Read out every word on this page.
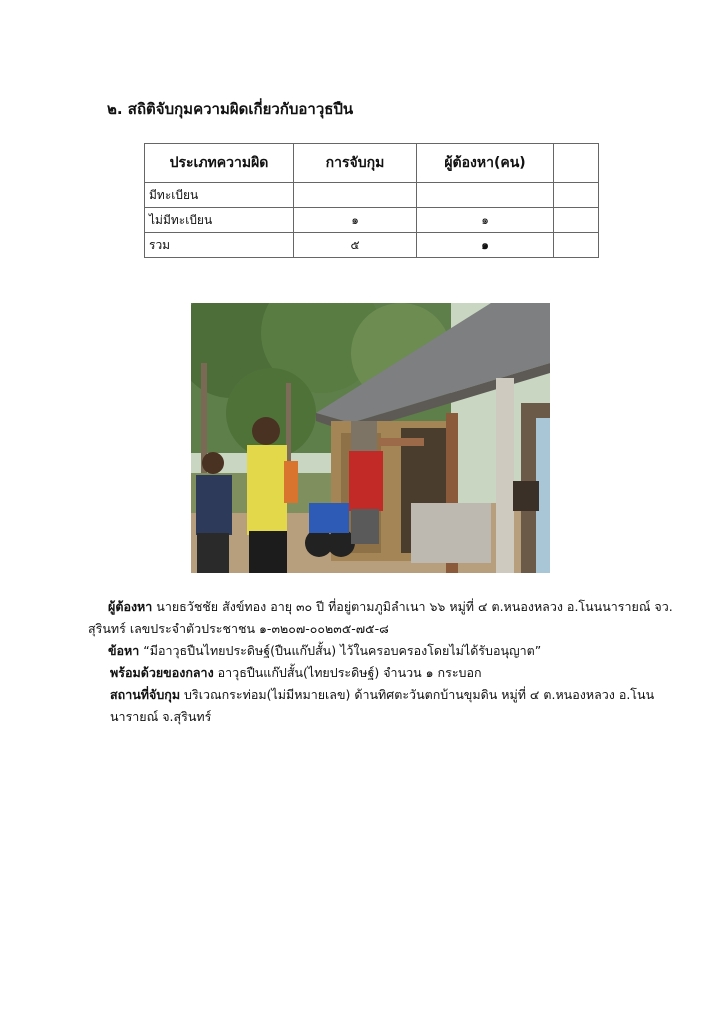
๒. สถิติจับกุมความผิดเกี่ยวกับอาวุธปืน
ประเภทความผิด	การจับกุม	ผู้ต้องหา(คน)	
มีทะเบียน			
ไม่มีทะเบียน	๑	๑	
รวม	๕	๑	
ผู้ต้องหา นายธวัชชัย สังข์ทอง อายุ ๓๐ ปี ที่อยู่ตามภูมิลำเนา ๖๖ หมู่ที่ ๔ ต.หนองหลวง อ.โนนนารายณ์ จว.
สุรินทร์ เลขประจำตัวประชาชน ๑-๓๒๐๗-๐๐๒๓๕-๗๕-๘
ข้อหา “มีอาวุธปืนไทยประดิษฐ์(ปืนแก๊ปสั้น) ไว้ในครอบครองโดยไม่ได้รับอนุญาต”
พร้อมด้วยของกลาง อาวุธปืนแก๊ปสั้น(ไทยประดิษฐ์) จำนวน ๑ กระบอก
สถานที่จับกุม บริเวณกระท่อม(ไม่มีหมายเลข) ด้านทิศตะวันตกบ้านขุมดิน หมู่ที่ ๔ ต.หนองหลวง อ.โนน
นารายณ์ จ.สุรินทร์
